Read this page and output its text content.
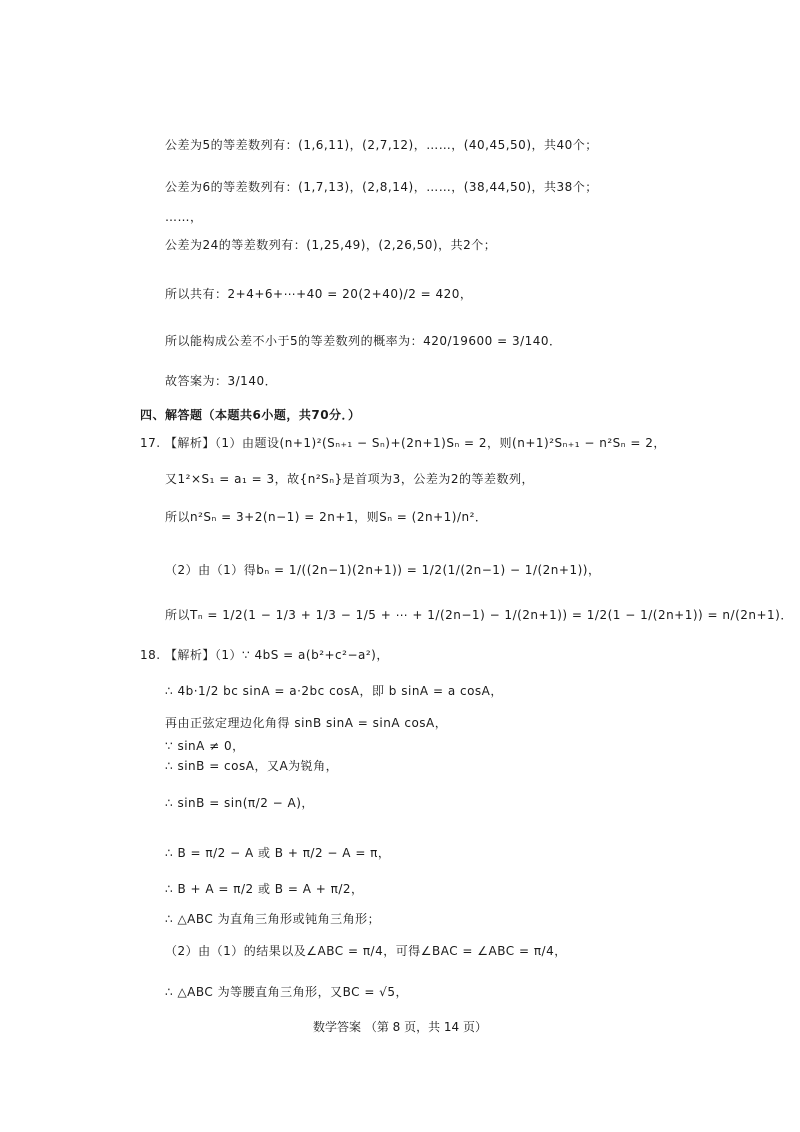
公差为5的等差数列有：(1,6,11)，(2,7,12)，……，(40,45,50)，共40个；
公差为6的等差数列有：(1,7,13)，(2,8,14)，……，(38,44,50)，共38个；
……，
公差为24的等差数列有：(1,25,49)，(2,26,50)，共2个；
所以共有：2+4+6+⋯+40 = 20(2+40)/2 = 420，
所以能构成公差不小于5的等差数列的概率为：420/19600 = 3/140．
故答案为：3/140．
四、解答题（本题共6小题，共70分．）
17. 【解析】（1）由题设(n+1)²(Sₙ₊₁ − Sₙ)+(2n+1)Sₙ = 2，则(n+1)²Sₙ₊₁ − n²Sₙ = 2，
又1²×S₁ = a₁ = 3，故{n²Sₙ}是首项为3，公差为2的等差数列，
所以n²Sₙ = 3+2(n−1) = 2n+1，则Sₙ = (2n+1)/n²．
（2）由（1）得bₙ = 1/((2n−1)(2n+1)) = 1/2(1/(2n−1) − 1/(2n+1))，
所以Tₙ = 1/2(1 − 1/3 + 1/3 − 1/5 + ⋯ + 1/(2n−1) − 1/(2n+1)) = 1/2(1 − 1/(2n+1)) = n/(2n+1)．
18. 【解析】（1）∵ 4bS = a(b²+c²−a²)，
∴ 4b·1/2 bc sinA = a·2bc cosA，即 b sinA = a cosA，
再由正弦定理边化角得 sinB sinA = sinA cosA，
∵ sinA ≠ 0，
∴ sinB = cosA，又A为锐角，
∴ sinB = sin(π/2 − A)，
∴ B = π/2 − A 或 B + π/2 − A = π，
∴ B + A = π/2 或 B = A + π/2，
∴ △ABC 为直角三角形或钝角三角形；
（2）由（1）的结果以及∠ABC = π/4，可得∠BAC = ∠ABC = π/4，
∴ △ABC 为等腰直角三角形，又BC = √5，
数学答案 （第 8 页，共 14 页）
